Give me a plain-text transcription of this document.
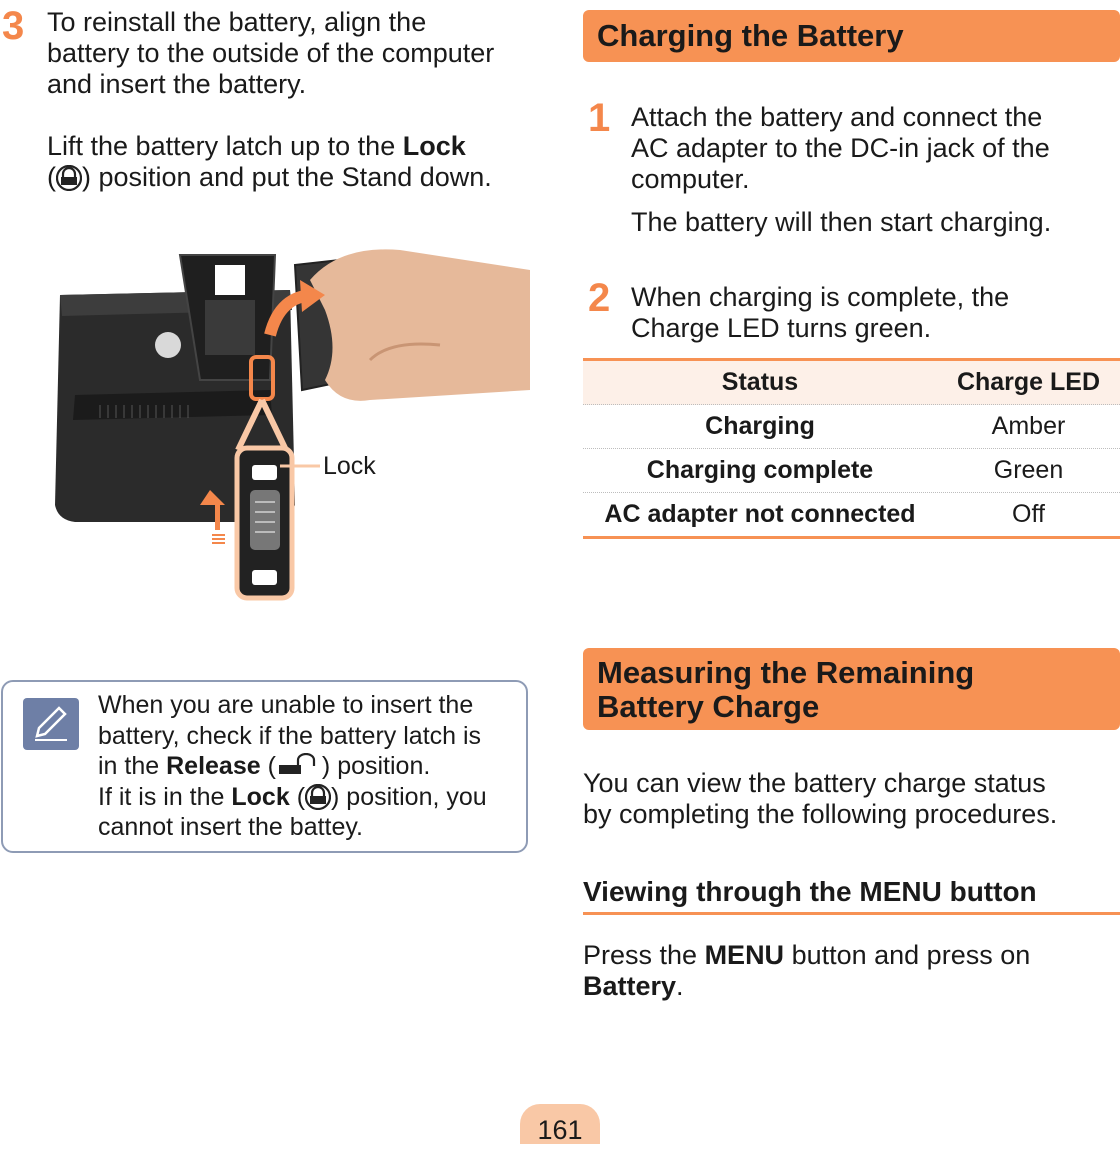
3 To reinstall the battery, align the
battery to the outside of the computer
and insert the battery.
Lift the battery latch up to the Lock
( ) position and put the Stand down.
Lock
When you are unable to insert the
battery, check if the battery latch is
in the Release ( ) position.
If it is in the Lock ( ) position, you
cannot insert the battey.
Charging the Battery
1 Attach the battery and connect the
AC adapter to the DC-in jack of the
computer.
The battery will then start charging.
2 When charging is complete, the
Charge LED turns green.
Status	Charge LED
Charging	Amber
Charging complete	Green
AC adapter not connected	Off
Measuring the Remaining
Battery Charge
You can view the battery charge status
by completing the following procedures.
Viewing through the MENU button
Press the MENU button and press on
Battery.
161
